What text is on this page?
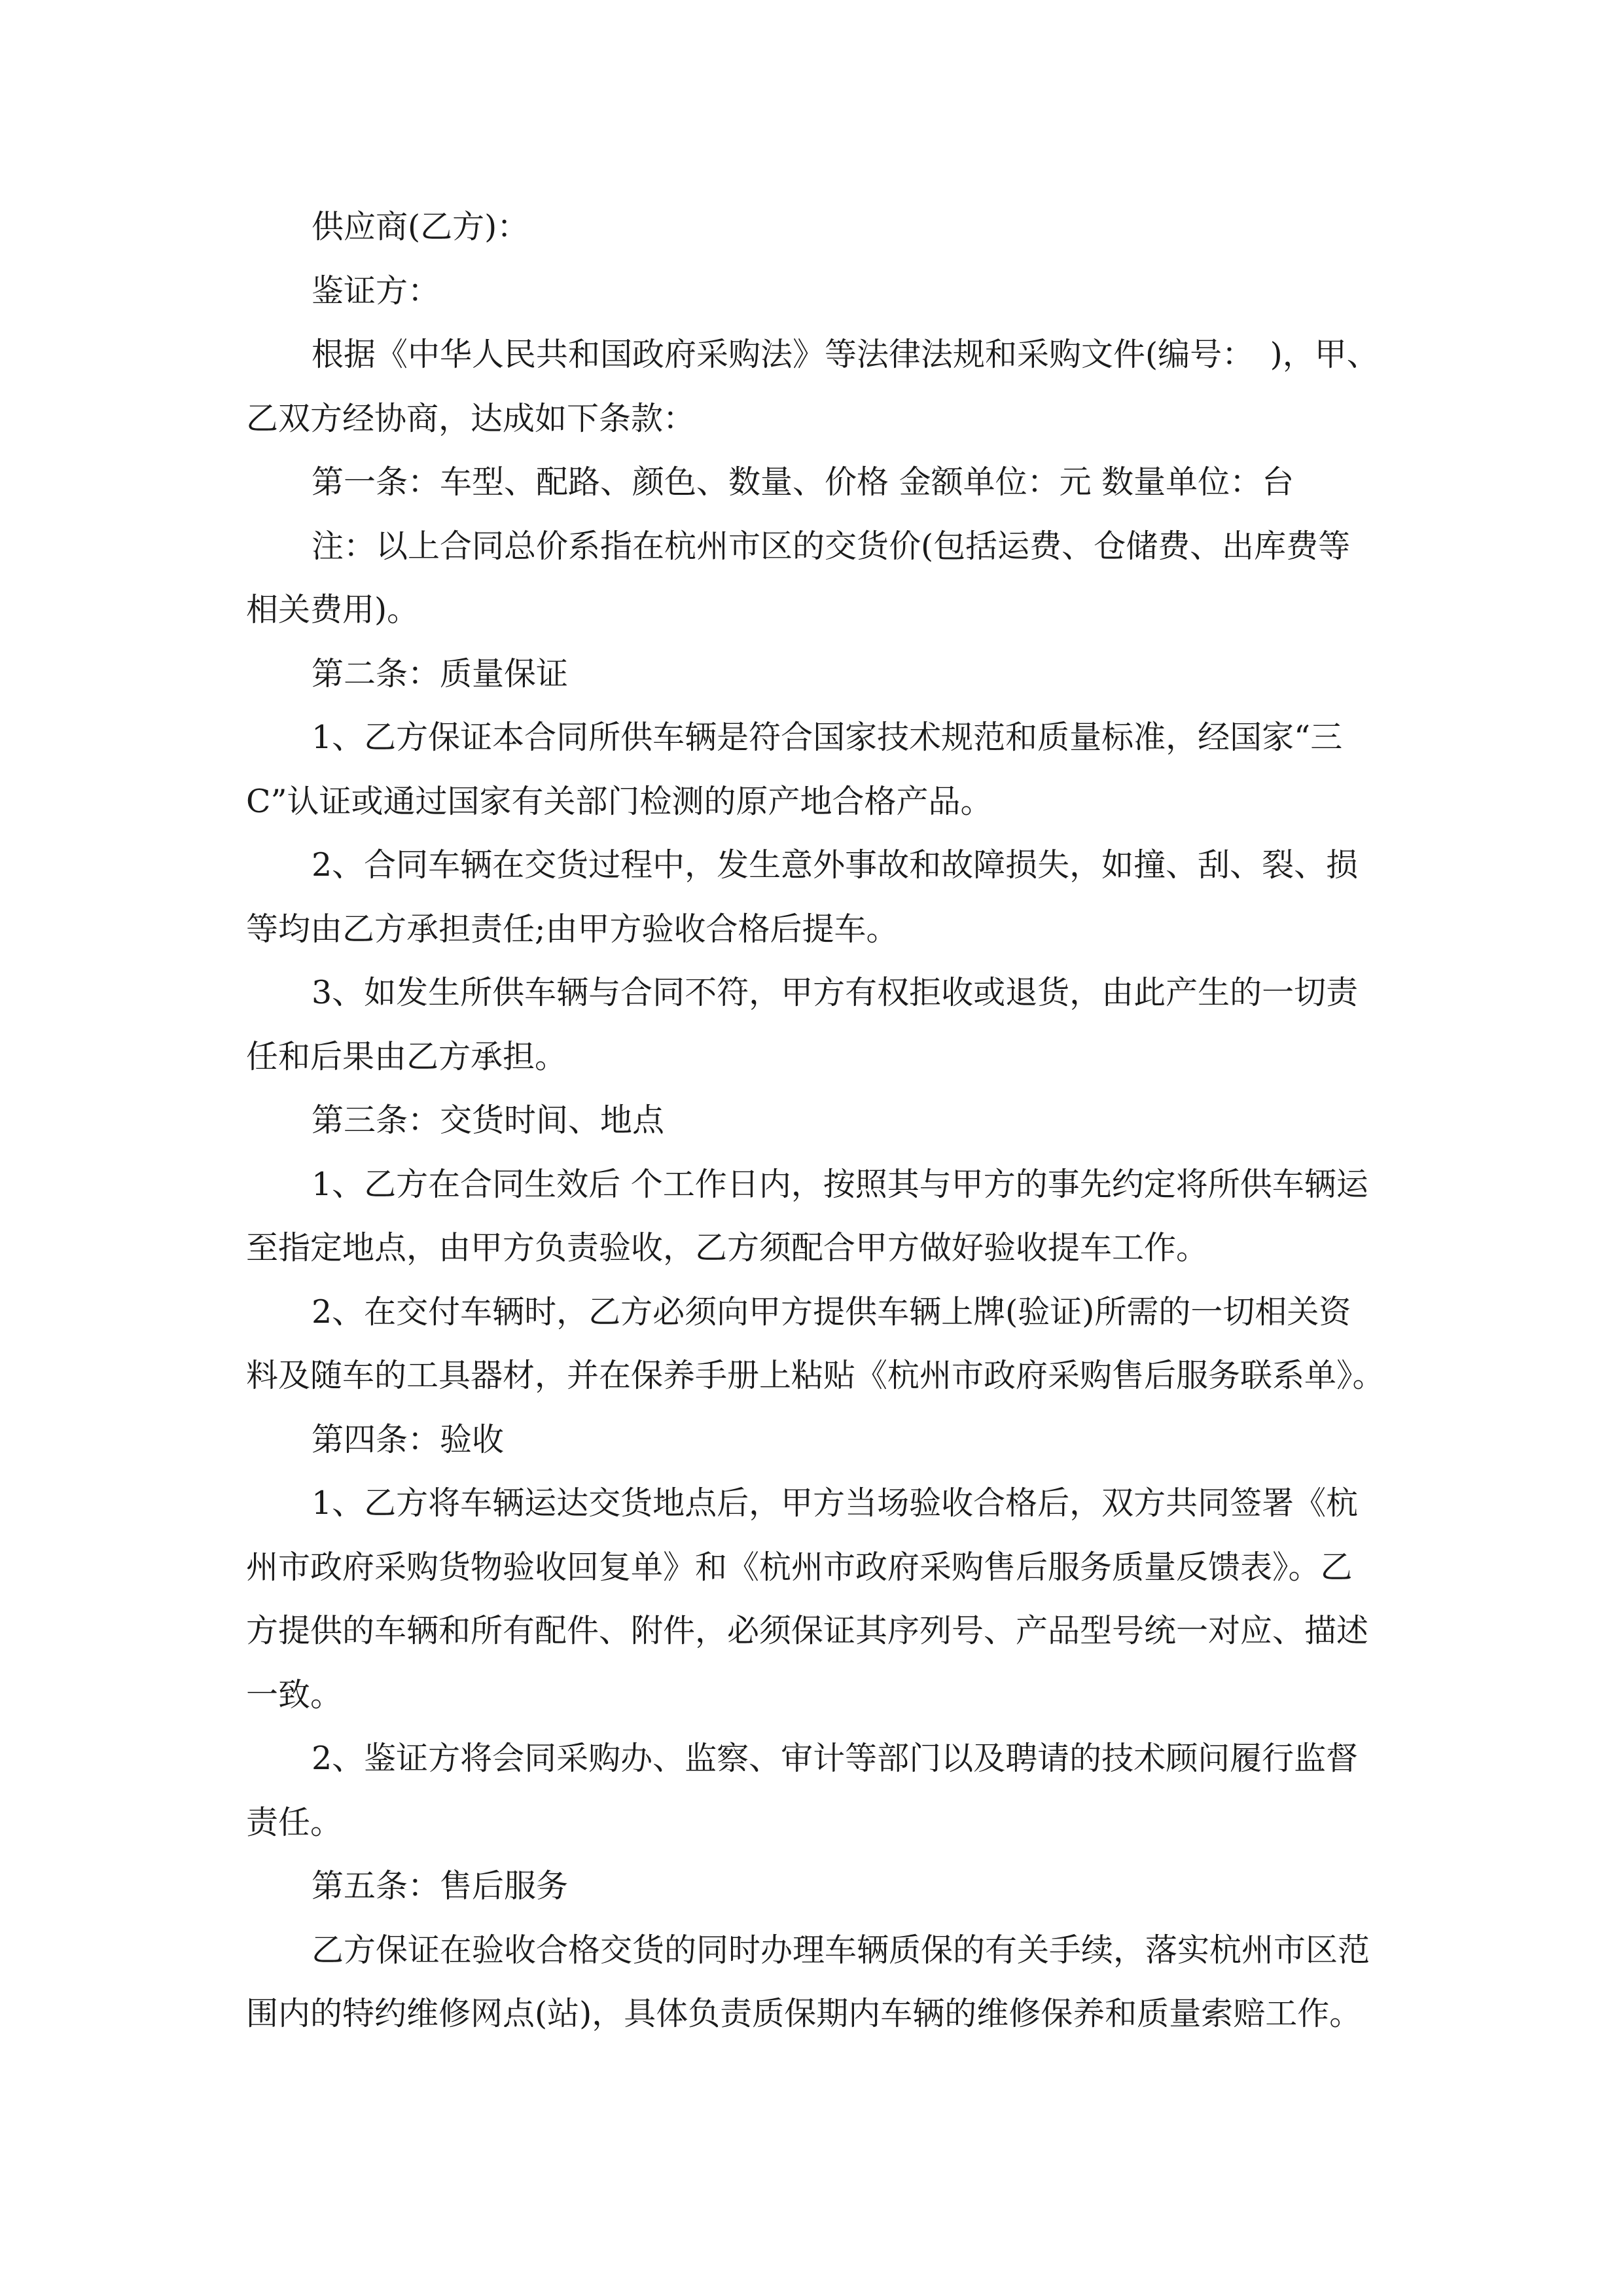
供应商(乙方)：
鉴证方：
根据《中华人民共和国政府采购法》等法律法规和采购文件(编号：　)，甲、
乙双方经协商，达成如下条款：
第一条：车型、配路、颜色、数量、价格 金额单位：元 数量单位：台
注：以上合同总价系指在杭州市区的交货价(包括运费、仓储费、出库费等
相关费用)。
第二条：质量保证
1、乙方保证本合同所供车辆是符合国家技术规范和质量标准，经国家“三
C”认证或通过国家有关部门检测的原产地合格产品。
2、合同车辆在交货过程中，发生意外事故和故障损失，如撞、刮、裂、损
等均由乙方承担责任;由甲方验收合格后提车。
3、如发生所供车辆与合同不符，甲方有权拒收或退货，由此产生的一切责
任和后果由乙方承担。
第三条：交货时间、地点
1、乙方在合同生效后 个工作日内，按照其与甲方的事先约定将所供车辆运
至指定地点，由甲方负责验收，乙方须配合甲方做好验收提车工作。
2、在交付车辆时，乙方必须向甲方提供车辆上牌(验证)所需的一切相关资
料及随车的工具器材，并在保养手册上粘贴《杭州市政府采购售后服务联系单》。
第四条：验收
1、乙方将车辆运达交货地点后，甲方当场验收合格后，双方共同签署《杭
州市政府采购货物验收回复单》和《杭州市政府采购售后服务质量反馈表》。乙
方提供的车辆和所有配件、附件，必须保证其序列号、产品型号统一对应、描述
一致。
2、鉴证方将会同采购办、监察、审计等部门以及聘请的技术顾问履行监督
责任。
第五条：售后服务
乙方保证在验收合格交货的同时办理车辆质保的有关手续，落实杭州市区范
围内的特约维修网点(站)，具体负责质保期内车辆的维修保养和质量索赔工作。
